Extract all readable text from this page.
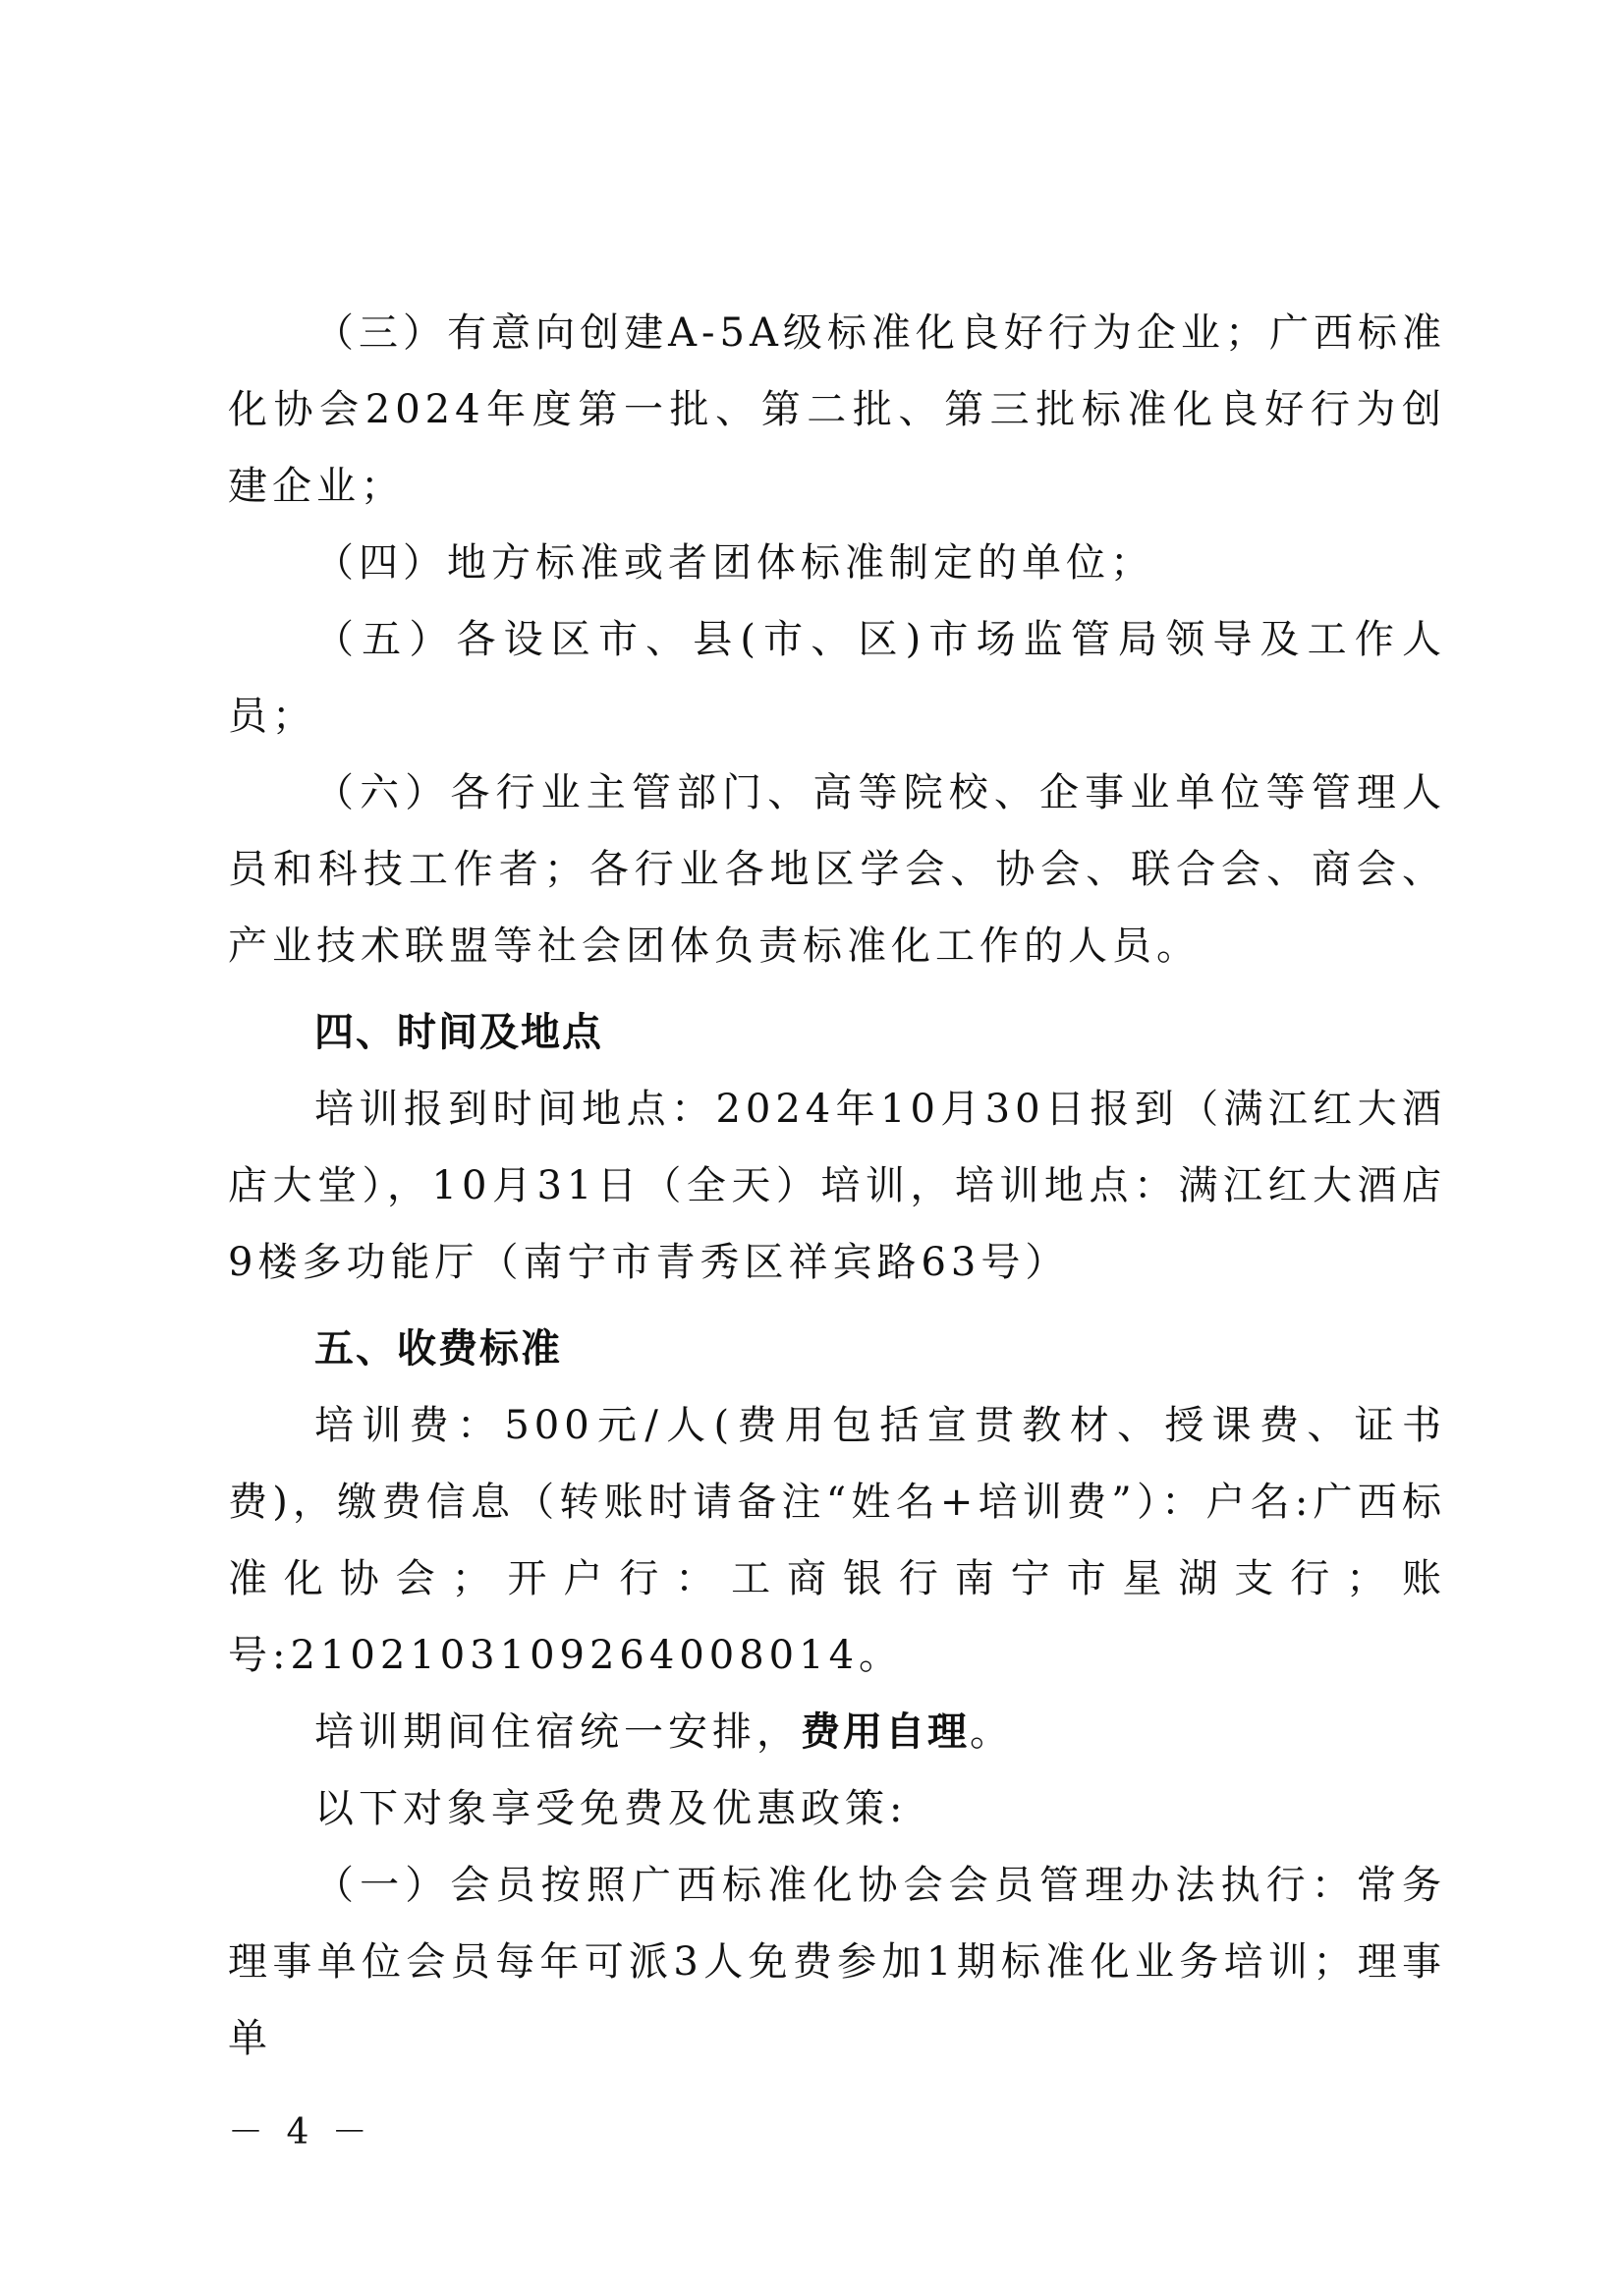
（三）有意向创建A-5A级标准化良好行为企业；广西标准化协会2024年度第一批、第二批、第三批标准化良好行为创建企业；

（四）地方标准或者团体标准制定的单位；

（五）各设区市、县(市、区)市场监管局领导及工作人员；

（六）各行业主管部门、高等院校、企事业单位等管理人员和科技工作者；各行业各地区学会、协会、联合会、商会、产业技术联盟等社会团体负责标准化工作的人员。

四、时间及地点

培训报到时间地点：2024年10月30日报到（满江红大酒店大堂），10月31日（全天）培训，培训地点：满江红大酒店9楼多功能厅（南宁市青秀区祥宾路63号）

五、收费标准

培训费：500元/人(费用包括宣贯教材、授课费、证书费)，缴费信息（转账时请备注“姓名+培训费”）：户名:广西标准化协会；开户行：工商银行南宁市星湖支行；账号:2102103109264008014。

培训期间住宿统一安排，费用自理。

以下对象享受免费及优惠政策:

（一）会员按照广西标准化协会会员管理办法执行：常务理事单位会员每年可派3人免费参加1期标准化业务培训；理事单

－ 4 －
